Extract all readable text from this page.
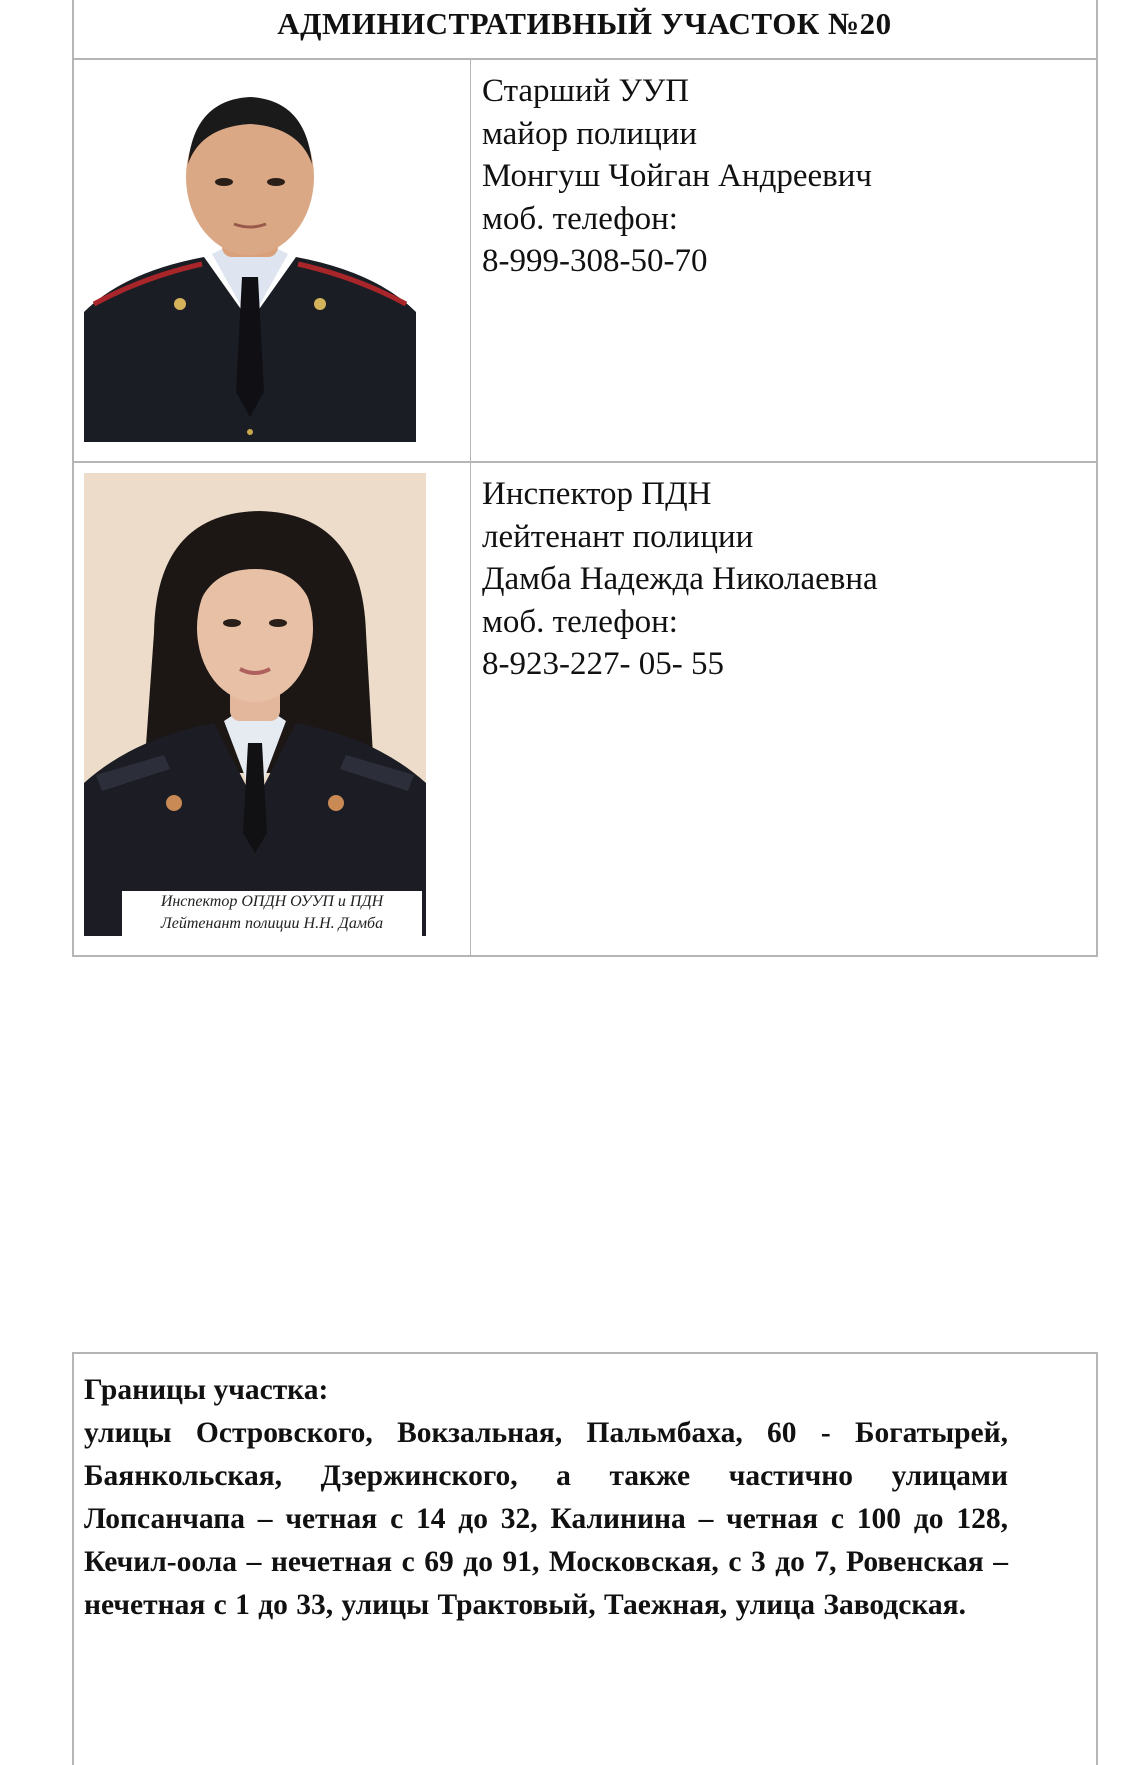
АДМИНИСТРАТИВНЫЙ УЧАСТОК №20
Старший УУП
майор полиции
Монгуш Чойган Андреевич
моб. телефон:
8-999-308-50-70
Инспектор ОПДН ОУУП и ПДН
Лейтенант полиции Н.Н. Дамба
Инспектор ПДН
лейтенант полиции
Дамба Надежда Николаевна
моб. телефон:
8-923-227- 05- 55
Границы участка:
улицы Островского, Вокзальная, Пальмбаха, 60 - Богатырей, Баянкольская, Дзержинского, а также частично улицами Лопсанчапа – четная с 14 до 32, Калинина – четная с 100 до 128, Кечил-оола – нечетная с 69 до 91, Московская, с 3 до 7, Ровенская – нечетная с 1 до 33, улицы Трактовый, Таежная, улица Заводская.
